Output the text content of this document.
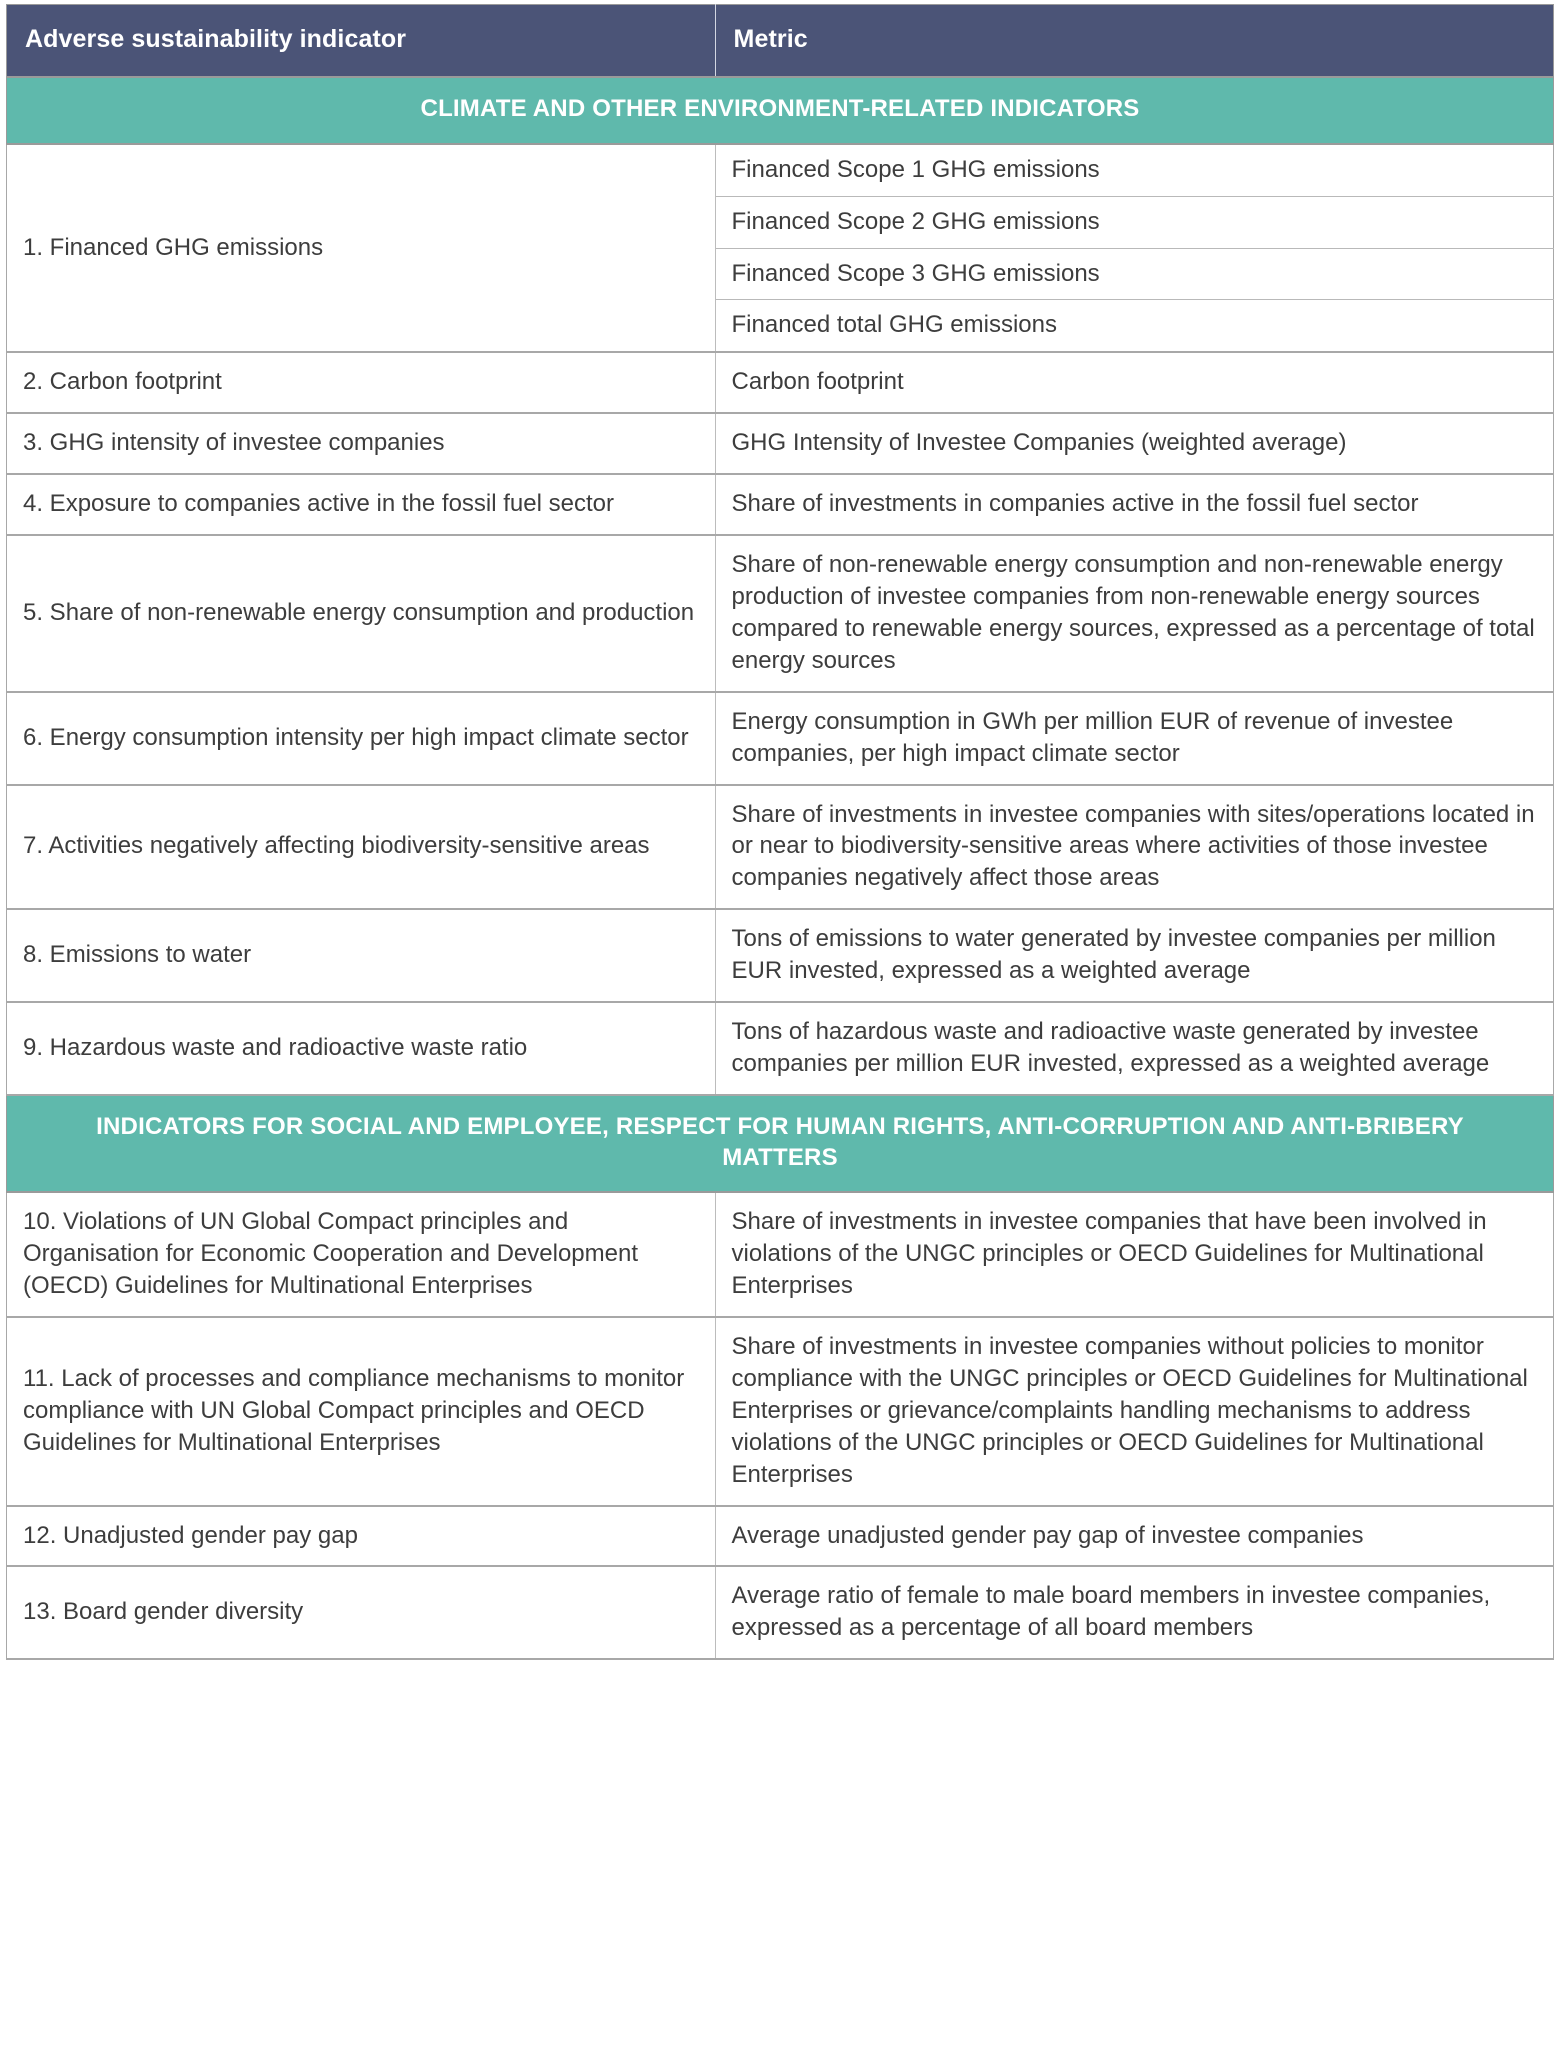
Adverse sustainability indicator	Metric
CLIMATE AND OTHER ENVIRONMENT-RELATED INDICATORS	
1. Financed GHG emissions	Financed Scope 1 GHG emissions
	Financed Scope 2 GHG emissions
	Financed Scope 3 GHG emissions
	Financed total GHG emissions
2. Carbon footprint	Carbon footprint
3. GHG intensity of investee companies	GHG Intensity of Investee Companies (weighted average)
4. Exposure to companies active in the fossil fuel sector	Share of investments in companies active in the fossil fuel sector
5. Share of non-renewable energy consumption and production	Share of non-renewable energy consumption and non-renewable energy production of investee companies from non-renewable energy sources compared to renewable energy sources, expressed as a percentage of total energy sources
6. Energy consumption intensity per high impact climate sector	Energy consumption in GWh per million EUR of revenue of investee companies, per high impact climate sector
7. Activities negatively affecting biodiversity-sensitive areas	Share of investments in investee companies with sites/operations located in or near to biodiversity-sensitive areas where activities of those investee companies negatively affect those areas
8. Emissions to water	Tons of emissions to water generated by investee companies per million EUR invested, expressed as a weighted average
9. Hazardous waste and radioactive waste ratio	Tons of hazardous waste and radioactive waste generated by investee companies per million EUR invested, expressed as a weighted average
INDICATORS FOR SOCIAL AND EMPLOYEE, RESPECT FOR HUMAN RIGHTS, ANTI-CORRUPTION AND ANTI-BRIBERY MATTERS	
10. Violations of UN Global Compact principles and Organisation for Economic Cooperation and Development (OECD) Guidelines for Multinational Enterprises	Share of investments in investee companies that have been involved in violations of the UNGC principles or OECD Guidelines for Multinational Enterprises
11. Lack of processes and compliance mechanisms to monitor compliance with UN Global Compact principles and OECD Guidelines for Multinational Enterprises	Share of investments in investee companies without policies to monitor compliance with the UNGC principles or OECD Guidelines for Multinational Enterprises or grievance/complaints handling mechanisms to address violations of the UNGC principles or OECD Guidelines for Multinational Enterprises
12. Unadjusted gender pay gap	Average unadjusted gender pay gap of investee companies
13. Board gender diversity	Average ratio of female to male board members in investee companies, expressed as a percentage of all board members
